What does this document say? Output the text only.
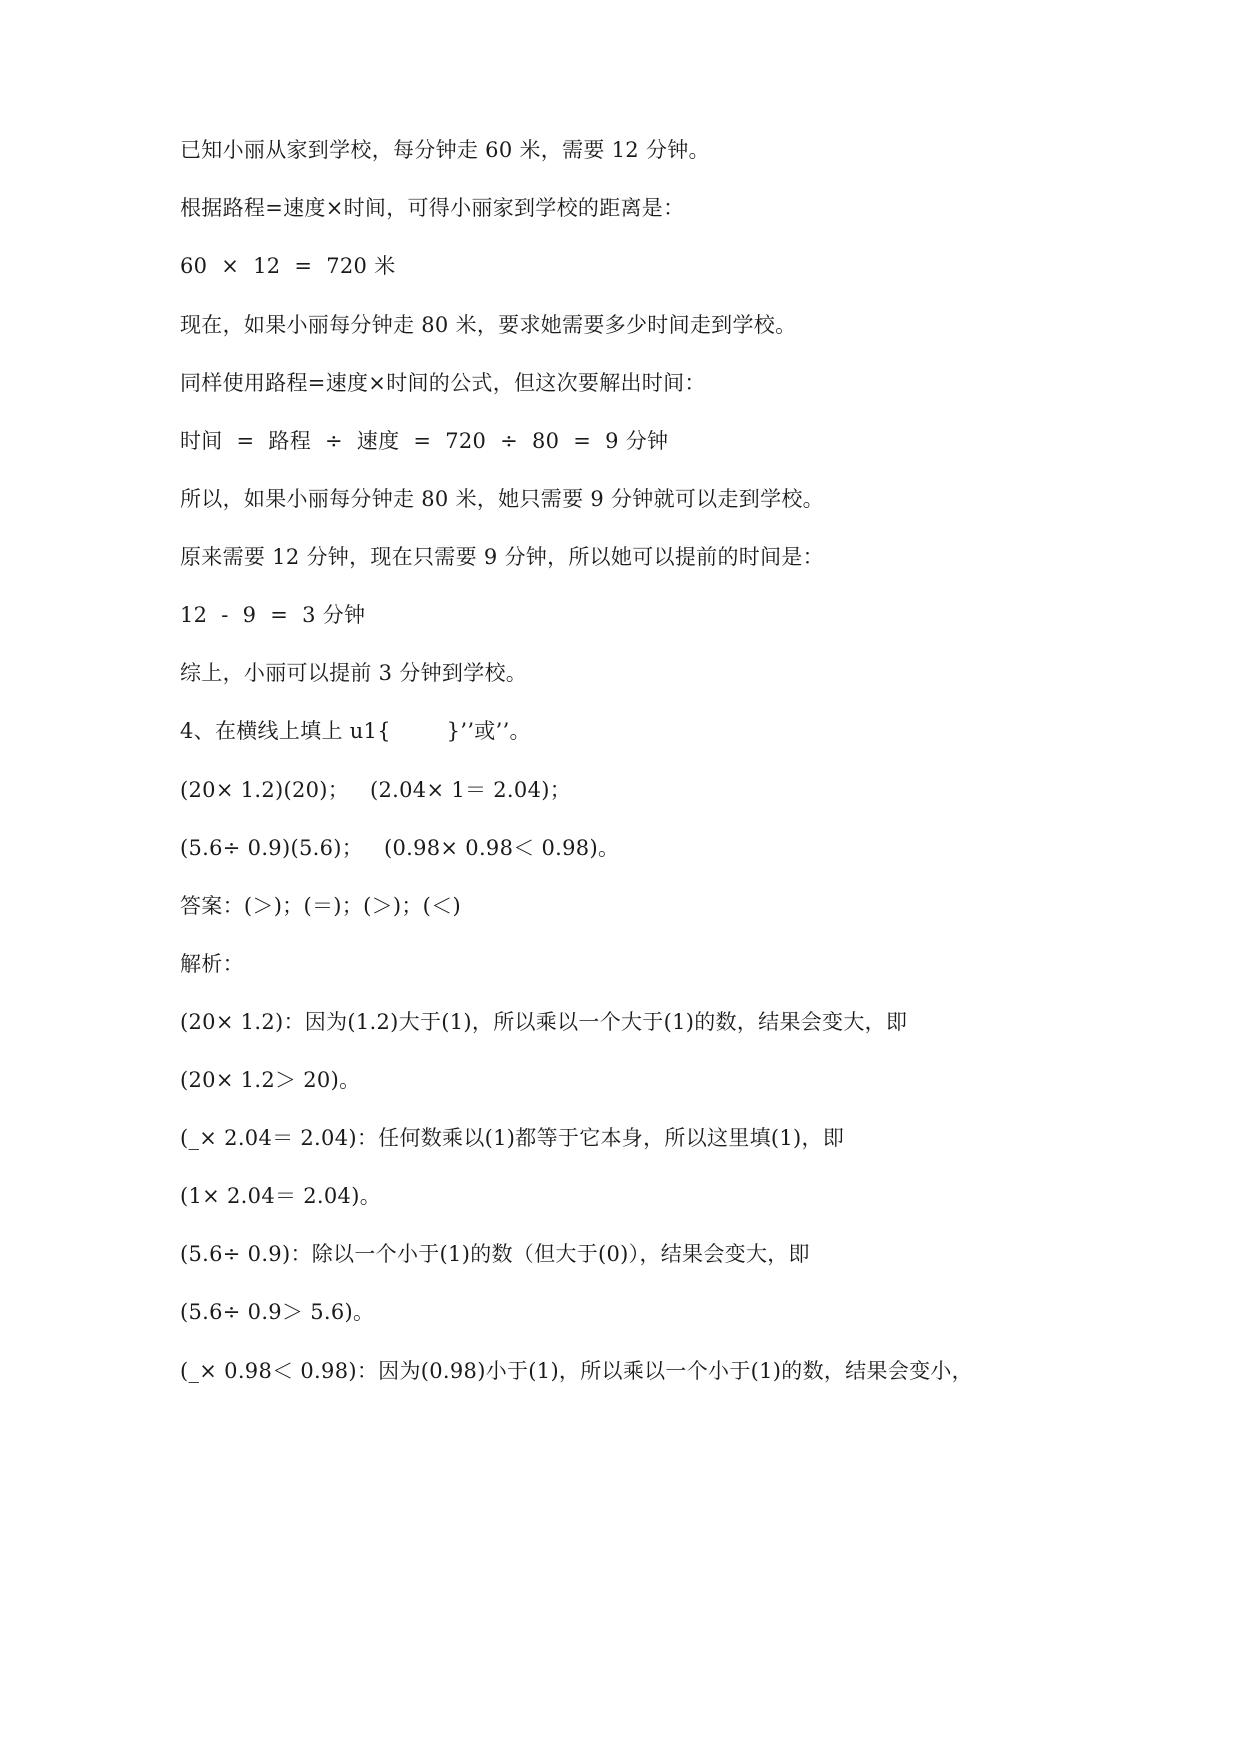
已知小丽从家到学校，每分钟走 60 米，需要 12 分钟。
根据路程=速度×时间，可得小丽家到学校的距离是：
60  ×  12  =  720 米
现在，如果小丽每分钟走 80 米，要求她需要多少时间走到学校。
同样使用路程=速度×时间的公式，但这次要解出时间：
时间  =  路程  ÷  速度  =  720  ÷  80  =  9 分钟
所以，如果小丽每分钟走 80 米，她只需要 9 分钟就可以走到学校。
原来需要 12 分钟，现在只需要 9 分钟，所以她可以提前的时间是：
12  -  9  =  3 分钟
综上，小丽可以提前 3 分钟到学校。
4、在横线上填上 u1{        }’’或’’。
(20× 1.2)(20)；   (2.04× 1＝ 2.04)；
(5.6÷ 0.9)(5.6)；   (0.98× 0.98＜ 0.98)。
答案：(＞)；(＝)；(＞)；(＜)
解析：
(20× 1.2)：因为(1.2)大于(1)，所以乘以一个大于(1)的数，结果会变大，即
(20× 1.2＞ 20)。
(_× 2.04＝ 2.04)：任何数乘以(1)都等于它本身，所以这里填(1)，即
(1× 2.04＝ 2.04)。
(5.6÷ 0.9)：除以一个小于(1)的数（但大于(0)），结果会变大，即
(5.6÷ 0.9＞ 5.6)。
(_× 0.98＜ 0.98)：因为(0.98)小于(1)，所以乘以一个小于(1)的数，结果会变小，
